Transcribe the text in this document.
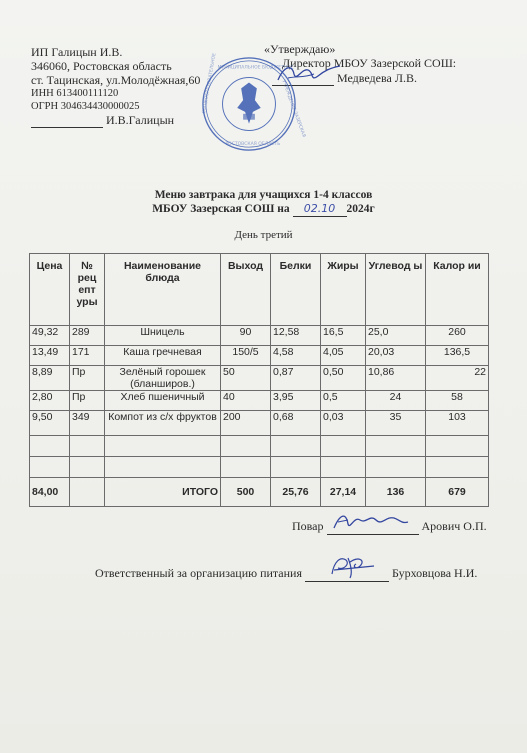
ИП Галицын И.В.
346060, Ростовская область
ст. Тацинская, ул.Молодёжная,60
ИНН 613400111120
ОГРН 304634430000025
И.В.Галицын
«Утверждаю»
Директор МБОУ Зазерской СОШ:
Медведева Л.В.
МУНИЦИПАЛЬНОЕ БЮДЖЕТНОЕ
ОБЩЕОБРАЗОВАТЕЛЬНОЕ	УЧРЕЖДЕНИЕ ЗАЗЕРСКАЯ
РОСТОВСКАЯ ОБЛАСТЬ
Меню завтрака для учащихся 1-4 классов
МБОУ Зазерская СОШ на 02.10 2024г
День третий
Цена	№ рец епт уры	Наименование блюда	Выход	Белки	Жиры	Углевод ы	Калор ии
49,32	289	Шницель	90	12,58	16,5	25,0	260
13,49	171	Каша гречневая	150/5	4,58	4,05	20,03	136,5
8,89	Пр	Зелёный горошек (бланширов.)	50	0,87	0,50	10,86	22
2,80	Пр	Хлеб пшеничный	40	3,95	0,5	24	58
9,50	349	Компот из с/х фруктов	200	0,68	0,03	35	103

84,00		ИТОГО	500	25,76	27,14	136	679
Повар	Арович О.П.
Ответственный за организацию питания	Бурховцова Н.И.
